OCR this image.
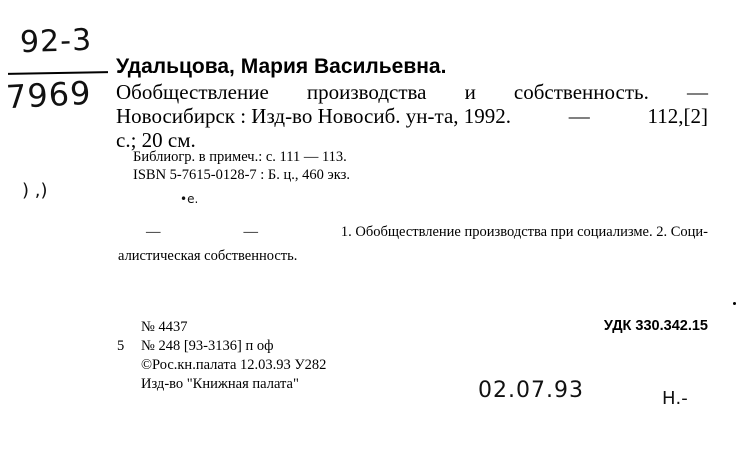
92-3
7969
) ,)	•e.
Удальцова, Мария Васильевна.
Обобществление производства и собственность. —
Новосибирск : Изд-во Новосиб. ун-та, 1992.	—	112,[2]
с.; 20 см.
Библиогр. в примеч.: с. 111 — 113.
ISBN 5-7615-0128-7 : Б. ц., 460 экз.
—	—	1. Обобществление производства при социализме. 2. Соци-
алистическая собственность.
№ 4437	УДК 330.342.15
5 № 248 [93-3136] п оф
©Рос.кн.палата 12.03.93 У282
Изд-во "Книжная палата"	02.07.93	Н.-
